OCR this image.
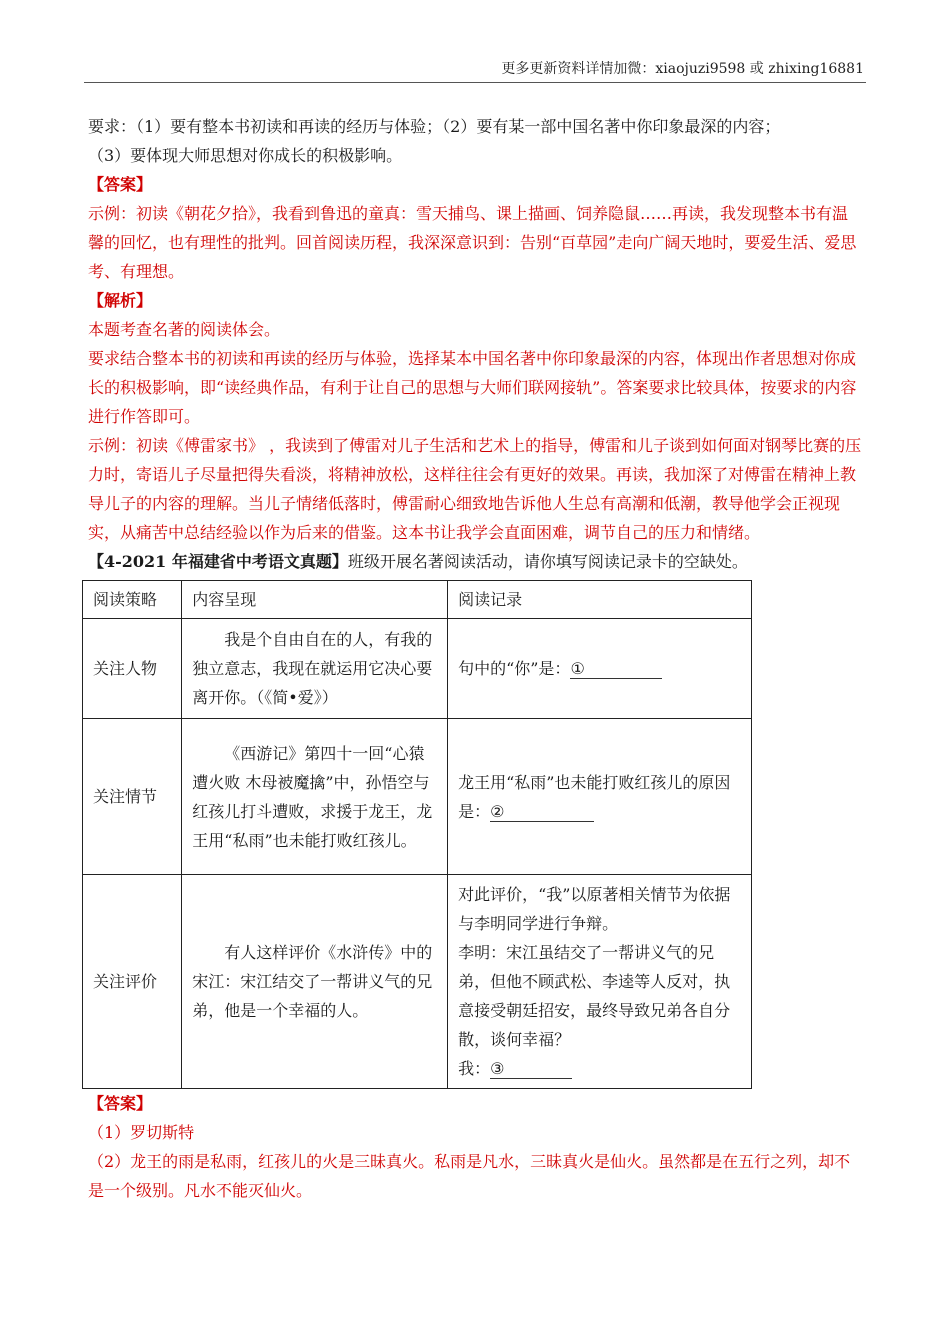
更多更新资料详情加微：xiaojuzi9598 或 zhixing16881

要求：（1）要有整本书初读和再读的经历与体验；（2）要有某一部中国名著中你印象最深的内容；

（3）要体现大师思想对你成长的积极影响。

【答案】

示例：初读《朝花夕拾》，我看到鲁迅的童真：雪天捕鸟、课上描画、饲养隐鼠……再读，我发现整本书有温馨的回忆，也有理性的批判。回首阅读历程，我深深意识到：告别“百草园”走向广阔天地时，要爱生活、爱思考、有理想。

【解析】

本题考查名著的阅读体会。

要求结合整本书的初读和再读的经历与体验，选择某本中国名著中你印象最深的内容，体现出作者思想对你成长的积极影响，即“读经典作品，有利于让自己的思想与大师们联网接轨”。答案要求比较具体，按要求的内容进行作答即可。

示例：初读《傅雷家书》 ，我读到了傅雷对儿子生活和艺术上的指导，傅雷和儿子谈到如何面对钢琴比赛的压力时，寄语儿子尽量把得失看淡，将精神放松，这样往往会有更好的效果。再读，我加深了对傅雷在精神上教导儿子的内容的理解。当儿子情绪低落时，傅雷耐心细致地告诉他人生总有高潮和低潮，教导他学会正视现实，从痛苦中总结经验以作为后来的借鉴。这本书让我学会直面困难，调节自己的压力和情绪。

【4-2021 年福建省中考语文真题】班级开展名著阅读活动，请你填写阅读记录卡的空缺处。

阅读策略	内容呈现	阅读记录
关注人物	我是个自由自在的人，有我的独立意志，我现在就运用它决心要离开你。（《简•爱》）	句中的“你”是：①
关注情节	《西游记》第四十一回“心猿遭火败 木母被魔擒”中，孙悟空与红孩儿打斗遭败，求援于龙王，龙王用“私雨”也未能打败红孩儿。	龙王用“私雨”也未能打败红孩儿的原因是：②
关注评价	有人这样评价《水浒传》中的宋江：宋江结交了一帮讲义气的兄弟，他是一个幸福的人。	对此评价，“我”以原著相关情节为依据与李明同学进行争辩。
李明：宋江虽结交了一帮讲义气的兄弟，但他不顾武松、李逵等人反对，执意接受朝廷招安，最终导致兄弟各自分散，谈何幸福？
我：③

【答案】

（1）罗切斯特

（2）龙王的雨是私雨，红孩儿的火是三昧真火。私雨是凡水，三昧真火是仙火。虽然都是在五行之列，却不是一个级别。凡水不能灭仙火。
